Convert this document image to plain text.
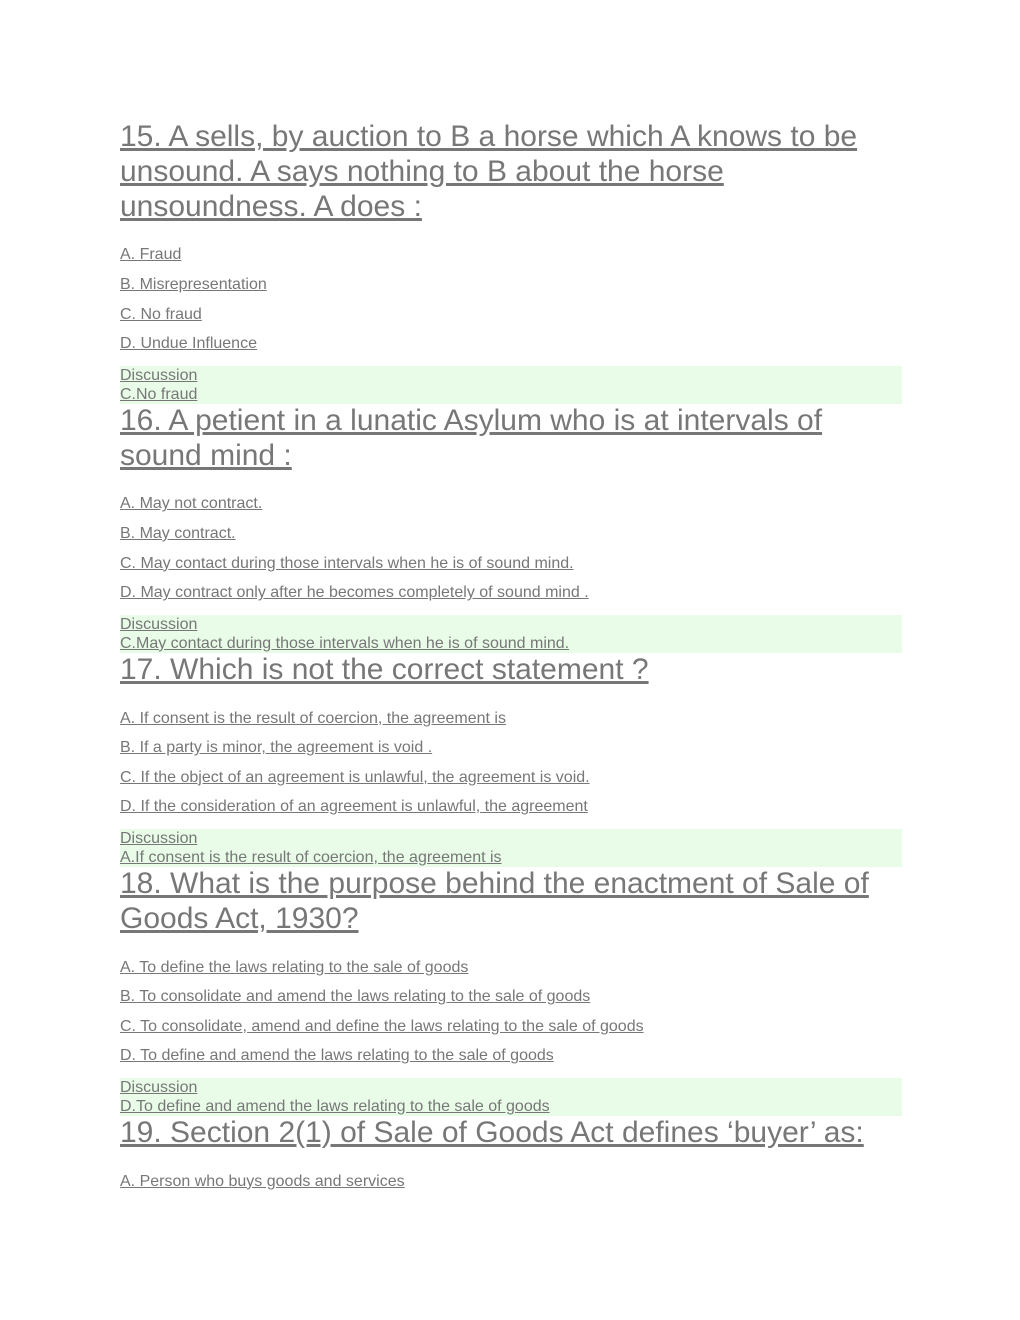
15. A sells, by auction to B a horse which A knows to be unsound. A says nothing to B about the horse unsoundness. A does :
A. Fraud
B. Misrepresentation
C. No fraud
D. Undue Influence
Discussion
C.No fraud
16. A petient in a lunatic Asylum who is at intervals of sound mind :
A. May not contract.
B. May contract.
C. May contact during those intervals when he is of sound mind.
D. May contract only after he becomes completely of sound mind .
Discussion
C.May contact during those intervals when he is of sound mind.
17. Which is not the correct statement ?
A. If consent is the result of coercion, the agreement is
B. If a party is minor, the agreement is void .
C. If the object of an agreement is unlawful, the agreement is void.
D. If the consideration of an agreement is unlawful, the agreement
Discussion
A.If consent is the result of coercion, the agreement is
18. What is the purpose behind the enactment of Sale of Goods Act, 1930?
A. To define the laws relating to the sale of goods
B. To consolidate and amend the laws relating to the sale of goods
C. To consolidate, amend and define the laws relating to the sale of goods
D. To define and amend the laws relating to the sale of goods
Discussion
D.To define and amend the laws relating to the sale of goods
19. Section 2(1) of Sale of Goods Act defines ‘buyer’ as:
A. Person who buys goods and services
